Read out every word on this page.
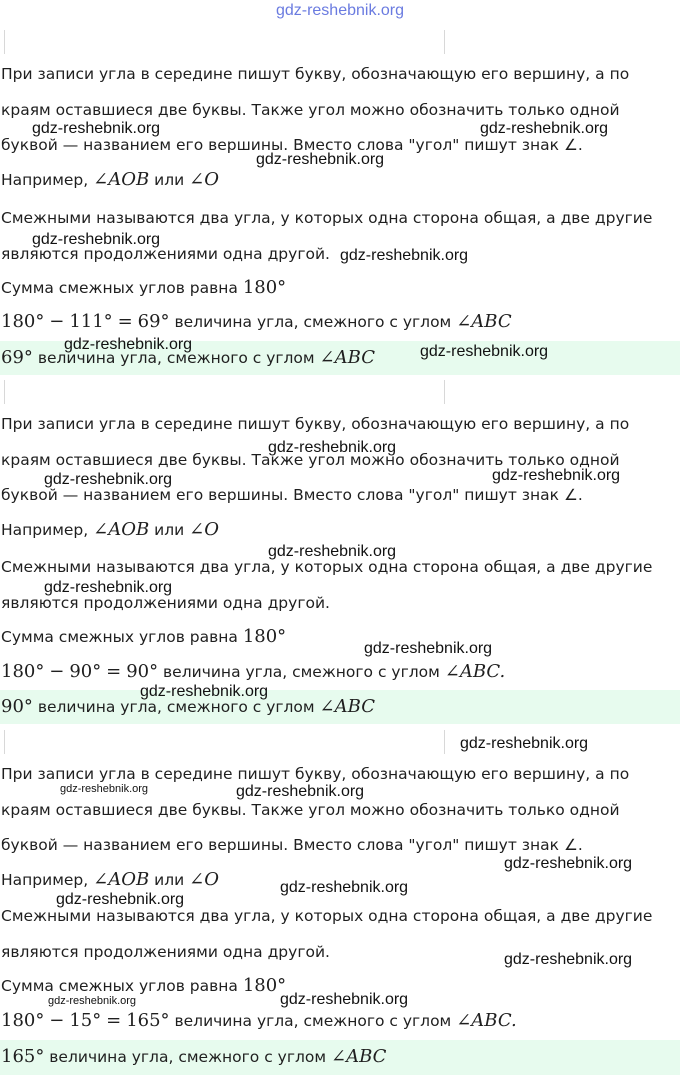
gdz-reshebnik.org
При записи угла в середине пишут букву, обозначающую его вершину, а по
краям оставшиеся две буквы. Также угол можно обозначить только одной
буквой — названием его вершины. Вместо слова "угол" пишут знак ∠.
Например, ∠AOB или ∠O
Смежными называются два угла, у которых одна сторона общая, а две другие
являются продолжениями одна другой.
Сумма смежных углов равна 180°
180° − 111° = 69° величина угла, смежного с углом ∠ABC
69° величина угла, смежного с углом ∠ABC
При записи угла в середине пишут букву, обозначающую его вершину, а по
краям оставшиеся две буквы. Также угол можно обозначить только одной
буквой — названием его вершины. Вместо слова "угол" пишут знак ∠.
Например, ∠AOB или ∠O
Смежными называются два угла, у которых одна сторона общая, а две другие
являются продолжениями одна другой.
Сумма смежных углов равна 180°
180° − 90° = 90° величина угла, смежного с углом ∠ABC.
90° величина угла, смежного с углом ∠ABC
При записи угла в середине пишут букву, обозначающую его вершину, а по
краям оставшиеся две буквы. Также угол можно обозначить только одной
буквой — названием его вершины. Вместо слова "угол" пишут знак ∠.
Например, ∠AOB или ∠O
Смежными называются два угла, у которых одна сторона общая, а две другие
являются продолжениями одна другой.
Сумма смежных углов равна 180°
180° − 15° = 165° величина угла, смежного с углом ∠ABC.
165° величина угла, смежного с углом ∠ABC
gdz-reshebnik.org	gdz-reshebnik.org
gdz-reshebnik.org
gdz-reshebnik.org
gdz-reshebnik.org
gdz-reshebnik.org	gdz-reshebnik.org
gdz-reshebnik.org
gdz-reshebnik.org	gdz-reshebnik.org
gdz-reshebnik.org
gdz-reshebnik.org
gdz-reshebnik.org
gdz-reshebnik.org
gdz-reshebnik.org
gdz-reshebnik.org	gdz-reshebnik.org
gdz-reshebnik.org
gdz-reshebnik.org
gdz-reshebnik.org
gdz-reshebnik.org
gdz-reshebnik.org	gdz-reshebnik.org
